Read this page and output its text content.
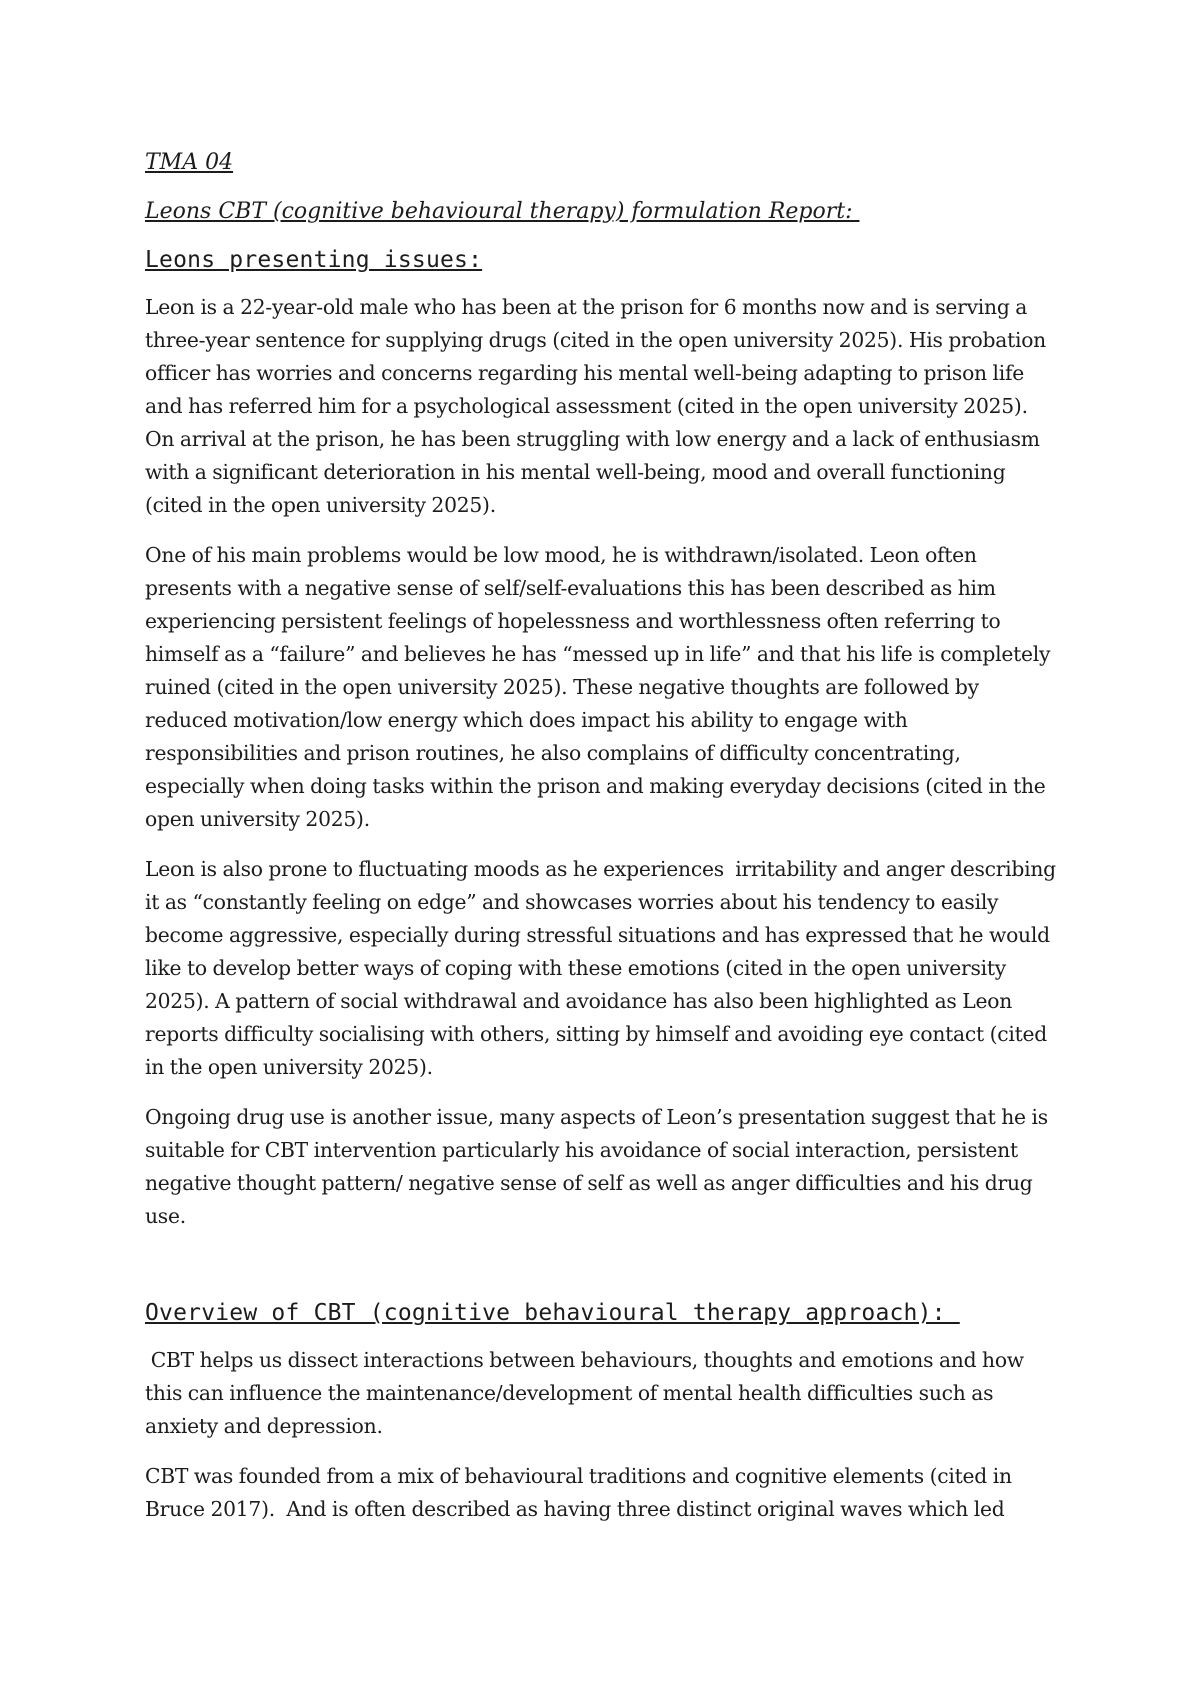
TMA 04
Leons CBT (cognitive behavioural therapy) formulation Report:
Leons presenting issues:

Leon is a 22-year-old male who has been at the prison for 6 months now and is serving a three-year sentence for supplying drugs (cited in the open university 2025). His probation officer has worries and concerns regarding his mental well-being adapting to prison life and has referred him for a psychological assessment (cited in the open university 2025).  On arrival at the prison, he has been struggling with low energy and a lack of enthusiasm with a significant deterioration in his mental well-being, mood and overall functioning (cited in the open university 2025).

One of his main problems would be low mood, he is withdrawn/isolated. Leon often presents with a negative sense of self/self-evaluations this has been described as him experiencing persistent feelings of hopelessness and worthlessness often referring to himself as a “failure” and believes he has “messed up in life” and that his life is completely ruined (cited in the open university 2025). These negative thoughts are followed by reduced motivation/low energy which does impact his ability to engage with responsibilities and prison routines, he also complains of difficulty concentrating, especially when doing tasks within the prison and making everyday decisions (cited in the open university 2025).

Leon is also prone to fluctuating moods as he experiences  irritability and anger describing it as “constantly feeling on edge” and showcases worries about his tendency to easily become aggressive, especially during stressful situations and has expressed that he would like to develop better ways of coping with these emotions (cited in the open university 2025). A pattern of social withdrawal and avoidance has also been highlighted as Leon reports difficulty socialising with others, sitting by himself and avoiding eye contact (cited in the open university 2025).

Ongoing drug use is another issue, many aspects of Leon’s presentation suggest that he is suitable for CBT intervention particularly his avoidance of social interaction, persistent negative thought pattern/ negative sense of self as well as anger difficulties and his drug use.

Overview of CBT (cognitive behavioural therapy approach):

CBT helps us dissect interactions between behaviours, thoughts and emotions and how this can influence the maintenance/development of mental health difficulties such as anxiety and depression.

CBT was founded from a mix of behavioural traditions and cognitive elements (cited in Bruce 2017).  And is often described as having three distinct original waves which led
